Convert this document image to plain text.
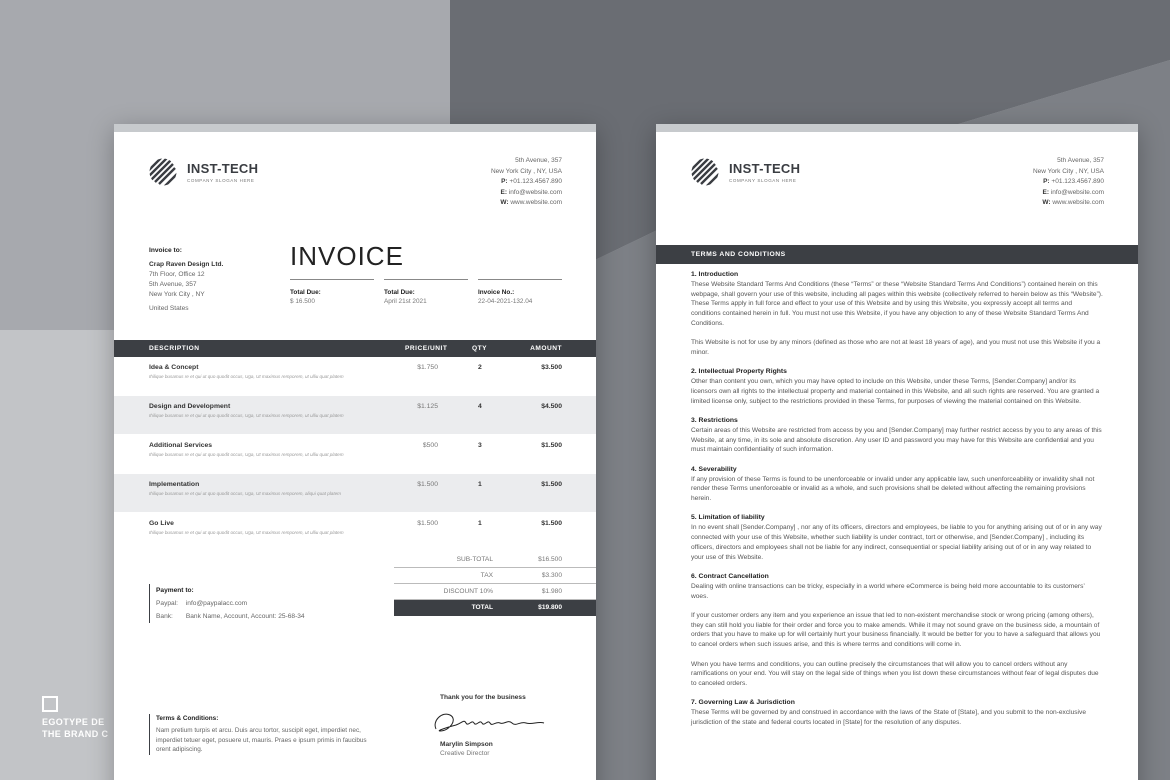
EGOTYPE DE
THE BRAND C
INST-TECH
COMPANY SLOGAN HERE
5th Avenue, 357
New York City , NY, USA
P: +01.123.4567.890
E: info@website.com
W: www.website.com
Invoice to:
Crap Raven Design Ltd.
7th Floor, Office 12
5th Avenue, 357
New York City , NY
United States
INVOICE
Total Due:
$ 16.500
Total Due:
April 21st 2021
Invoice No.:
22-04-2021-132.04
DESCRIPTION	PRICE/UNIT	QTY	AMOUNT
Idea & Concept
Ihilique busamus re et qui ut quo quodit occus, Uga, Ut maximus remporem, ut ulliu quat platem
$1.750	2	$3.500
Design and Development
Ihilique busamus re et qui ut quo quodit occus, Uga, Ut maximus remporem, ut ulliu quat platem
$1.125	4	$4.500
Additional Services
Ihilique busamus re et qui ut quo quodit occus, Uga, Ut maximus remporem, ut ulliu quat platem
$500	3	$1.500
Implementation
Ihilique busamus re et qui ut quo quodit occus, Uga, Ut maximus remporem, aliqui quat platem
$1.500	1	$1.500
Go Live
Ihilique busamus re et qui ut quo quodit occus, Uga, Ut maximus remporem, ut ulliu quat platem
$1.500	1	$1.500
SUB-TOTAL	$16.500
TAX	$3.300
DISCOUNT 10%	$1.980
TOTAL	$19.800
Payment to:
Paypal: info@paypalacc.com
Bank: Bank Name, Account, Account: 25-68-34
Terms & Conditions:
Nam pretium turpis et arcu. Duis arcu tortor, suscipit eget, imperdiet nec, imperdiet tetuer eget, posuere ut, mauris. Praes e ipsum primis in faucibus orent adipiscing.
Thank you for the business
Marylin Simpson
Creative Director
INST-TECH
COMPANY SLOGAN HERE
5th Avenue, 357
New York City , NY, USA
P: +01.123.4567.890
E: info@website.com
W: www.website.com
TERMS AND CONDITIONS
1. Introduction

These Website Standard Terms And Conditions (these “Terms” or these “Website Standard Terms And Conditions”) contained herein on this webpage, shall govern your use of this website, including all pages within this website (collectively referred to herein below as this “Website”). These Terms apply in full force and effect to your use of this Website and by using this Website, you expressly accept all terms and conditions contained herein in full. You must not use this Website, if you have any objection to any of these Website Standard Terms And Conditions.

This Website is not for use by any minors (defined as those who are not at least 18 years of age), and you must not use this Website if you a minor.

2. Intellectual Property Rights

Other than content you own, which you may have opted to include on this Website, under these Terms, [Sender.Company] and/or its licensors own all rights to the intellectual property and material contained in this Website, and all such rights are reserved. You are granted a limited license only, subject to the restrictions provided in these Terms, for purposes of viewing the material contained on this Website.

3. Restrictions

Certain areas of this Website are restricted from access by you and [Sender.Company] may further restrict access by you to any areas of this Website, at any time, in its sole and absolute discretion. Any user ID and password you may have for this Website are confidential and you must maintain confidentiality of such information.

4. Severability

If any provision of these Terms is found to be unenforceable or invalid under any applicable law, such unenforceability or invalidity shall not render these Terms unenforceable or invalid as a whole, and such provisions shall be deleted without affecting the remaining provisions herein.

5. Limitation of liability

In no event shall [Sender.Company] , nor any of its officers, directors and employees, be liable to you for anything arising out of or in any way connected with your use of this Website, whether such liability is under contract, tort or otherwise, and [Sender.Company] , including its officers, directors and employees shall not be liable for any indirect, consequential or special liability arising out of or in any way related to your use of this Website.

6. Contract Cancellation

Dealing with online transactions can be tricky, especially in a world where eCommerce is being held more accountable to its customers’ woes.

If your customer orders any item and you experience an issue that led to non-existent merchandise stock or wrong pricing (among others), they can still hold you liable for their order and force you to make amends. While it may not sound grave on the business side, a mountain of orders that you have to make up for will certainly hurt your business financially. It would be better for you to have a safeguard that allows you to cancel orders when such issues arise, and this is where terms and conditions will come in.

When you have terms and conditions, you can outline precisely the circumstances that will allow you to cancel orders without any ramifications on your end. You will stay on the legal side of things when you list down these circumstances without fear of legal disputes due to canceled orders.

7. Governing Law & Jurisdiction

These Terms will be governed by and construed in accordance with the laws of the State of [State], and you submit to the non-exclusive jurisdiction of the state and federal courts located in [State] for the resolution of any disputes.
